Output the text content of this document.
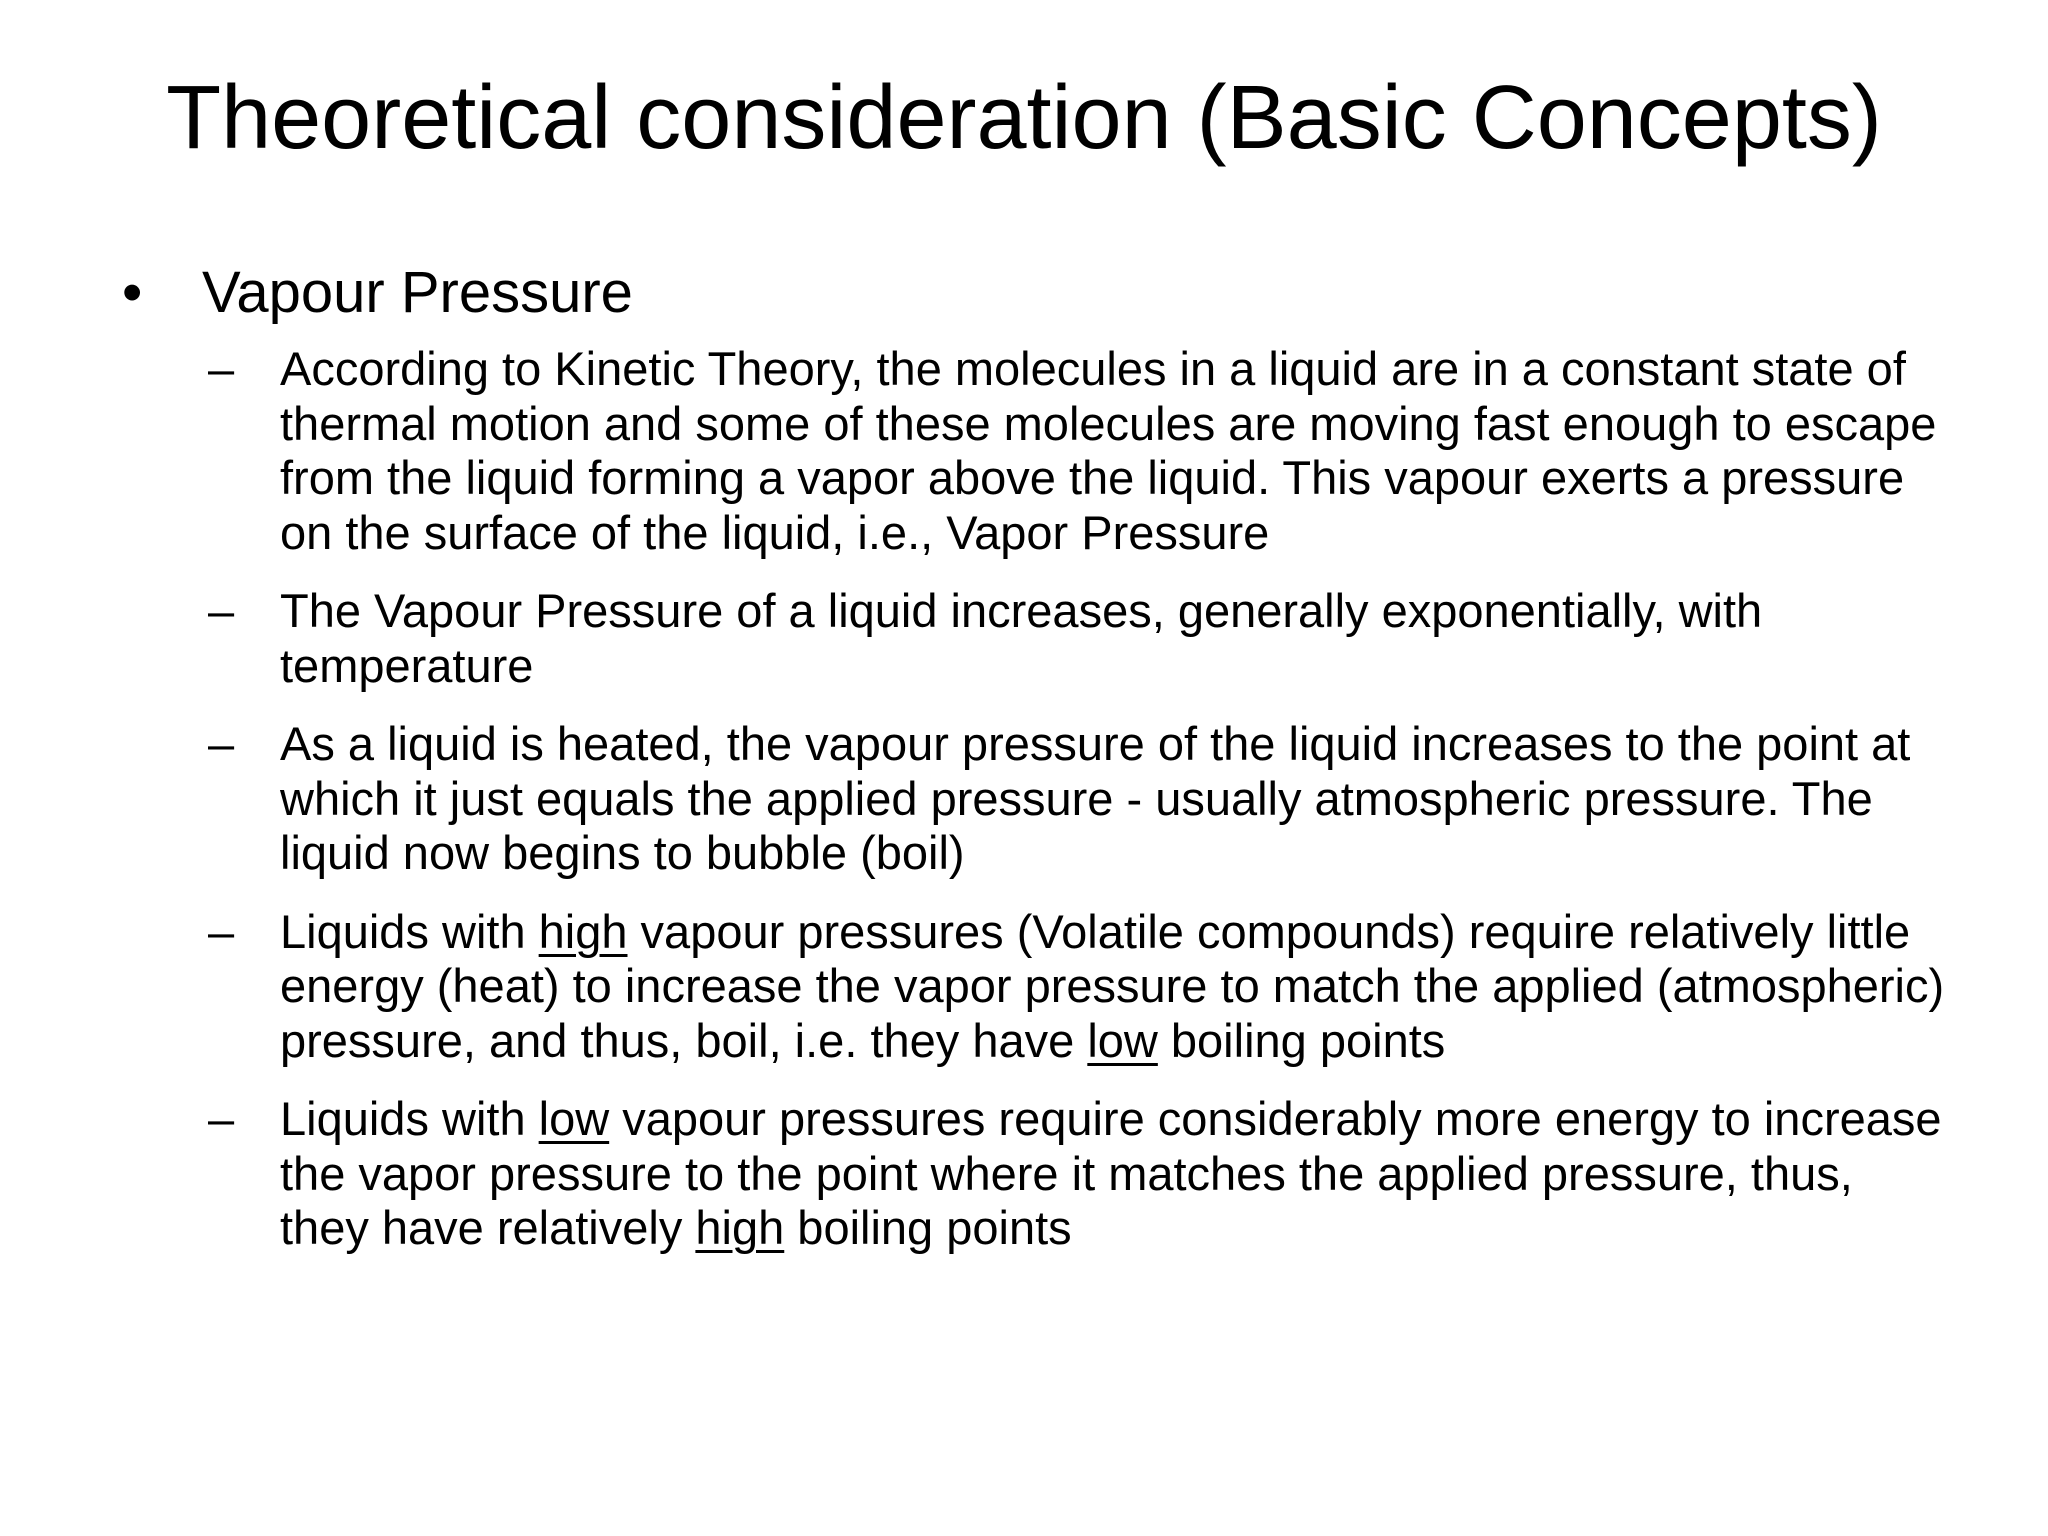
Theoretical consideration (Basic Concepts)
• Vapour Pressure
– According to Kinetic Theory, the molecules in a liquid are in a constant state of thermal motion and some of these molecules are moving fast enough to escape from the liquid forming a vapor above the liquid. This vapour exerts a pressure on the surface of the liquid, i.e., Vapor Pressure
– The Vapour Pressure of a liquid increases, generally exponentially, with temperature
– As a liquid is heated, the vapour pressure of the liquid increases to the point at which it just equals the applied pressure - usually atmospheric pressure. The liquid now begins to bubble (boil)
– Liquids with high vapour pressures (Volatile compounds) require relatively little energy (heat) to increase the vapor pressure to match the applied (atmospheric) pressure, and thus, boil, i.e. they have low boiling points
– Liquids with low vapour pressures require considerably more energy to increase the vapor pressure to the point where it matches the applied pressure, thus, they have relatively high boiling points
